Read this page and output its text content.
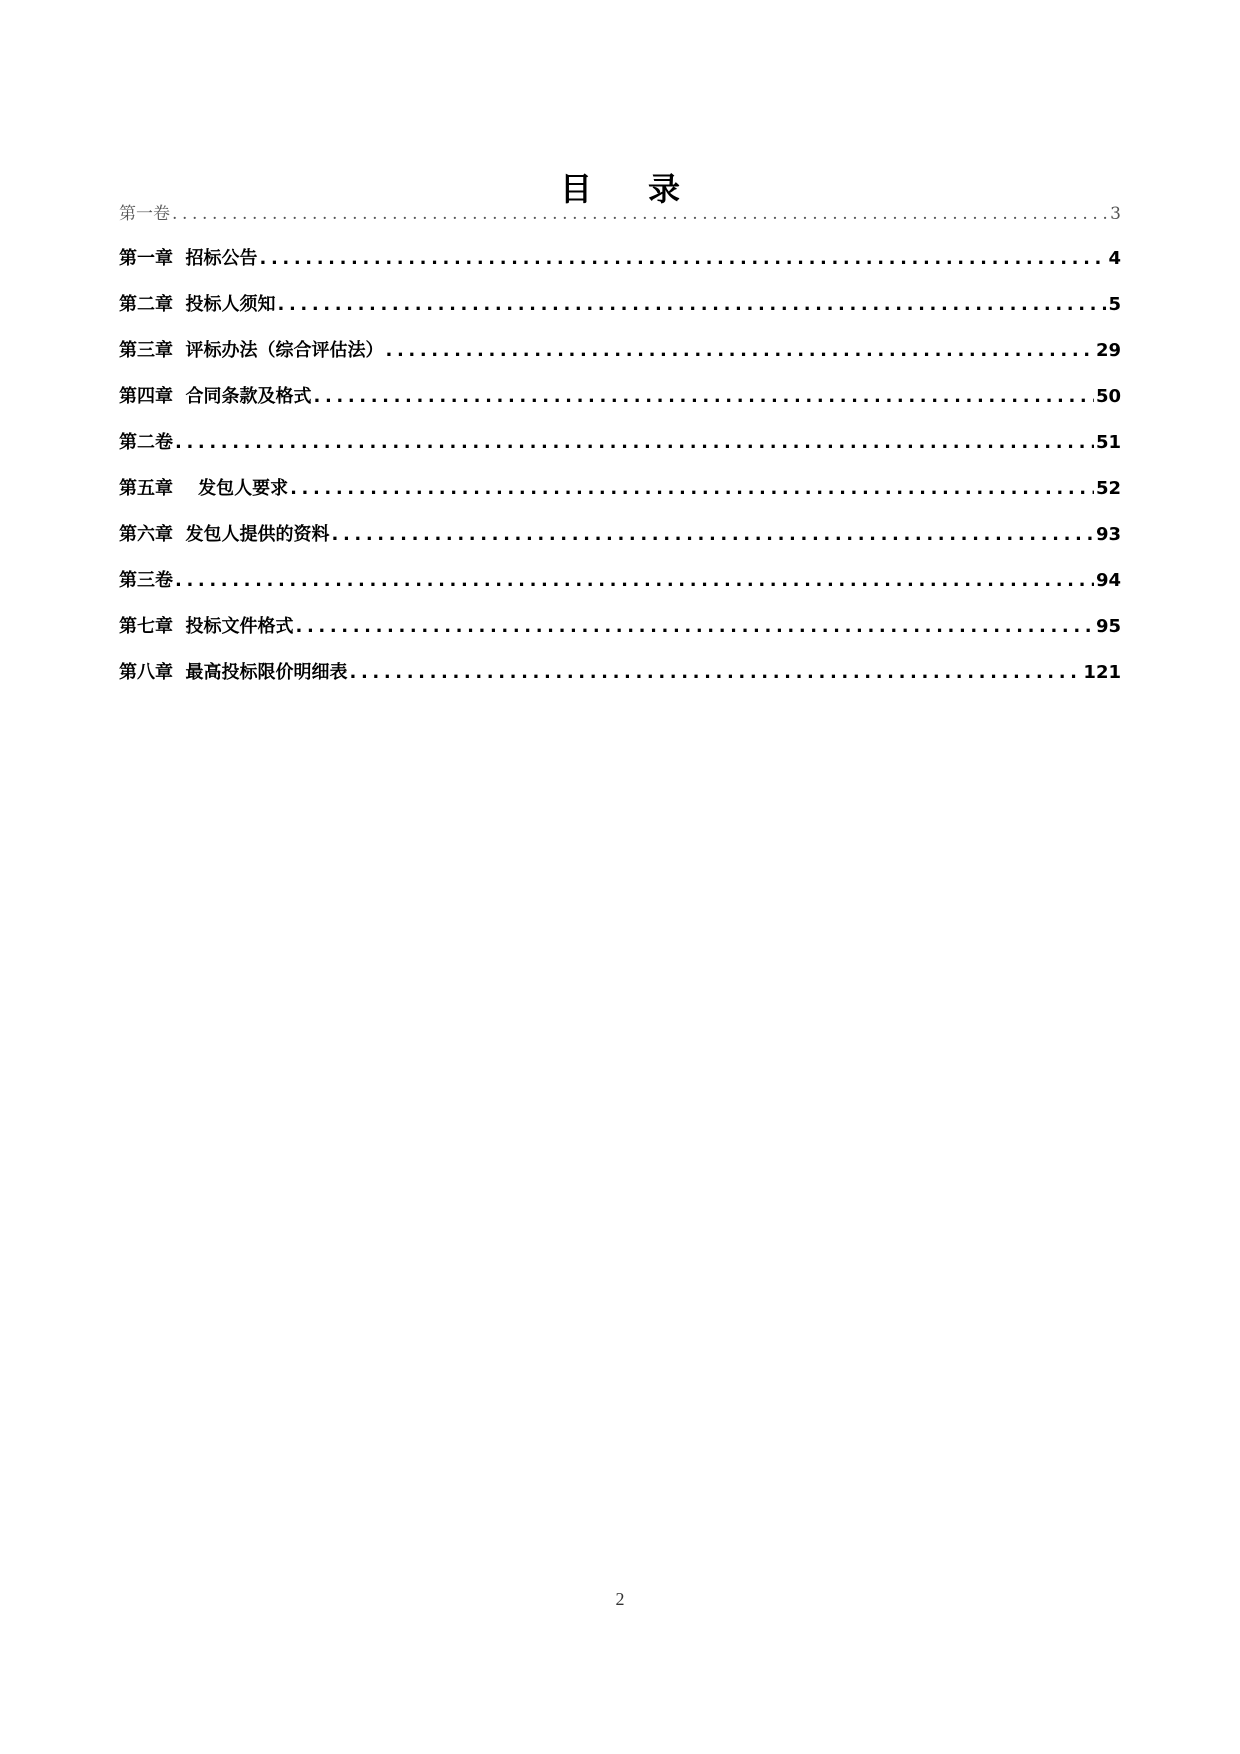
目录
第一卷 .....	3
第一章  招标公告 .....	4
第二章  投标人须知 .....	5
第三章  评标办法（综合评估法） .....	29
第四章  合同条款及格式 .....	50
第二卷 .....	51
第五章    发包人要求 .....	52
第六章  发包人提供的资料 .....	93
第三卷 .....	94
第七章  投标文件格式 .....	95
第八章  最高投标限价明细表 .....	121
2
